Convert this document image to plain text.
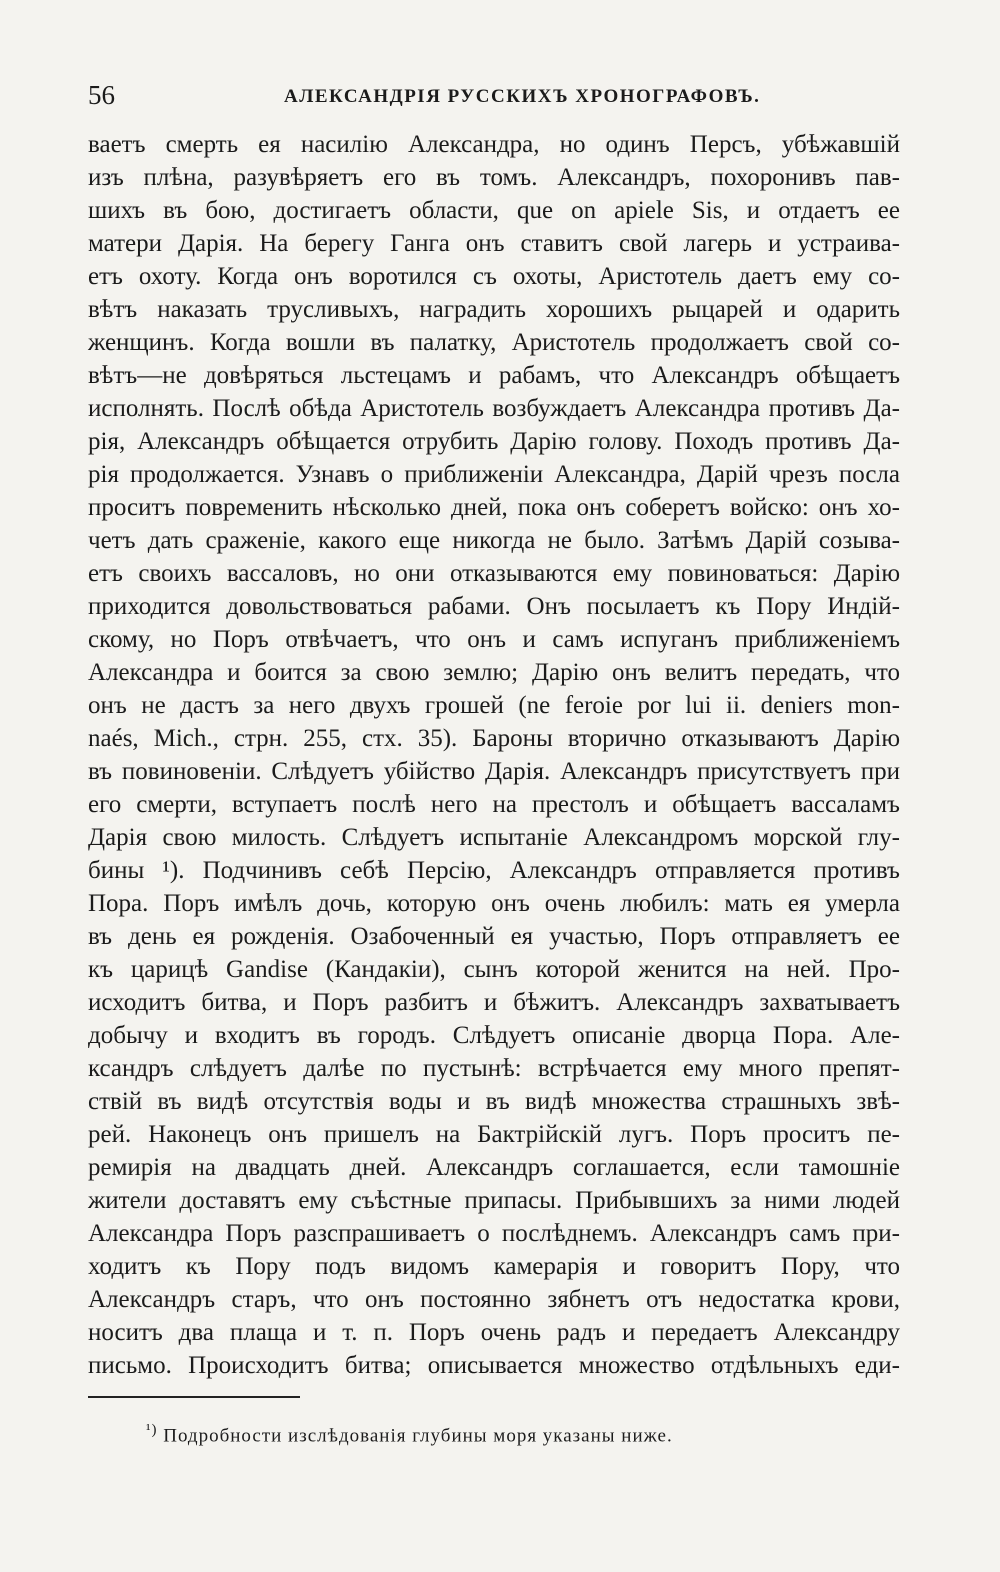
56	АЛЕКСАНДРІЯ РУССКИХЪ ХРОНОГРАФОВЪ.
ваетъ смерть ея насилію Александра, но одинъ Персъ, убѣжавшій
изъ плѣна, разувѣряетъ его въ томъ. Александръ, похоронивъ пав-
шихъ въ бою, достигаетъ области, que on apiele Sis, и отдаетъ ее
матери Дарія. На берегу Ганга онъ ставитъ свой лагерь и устраива-
етъ охоту. Когда онъ воротился съ охоты, Аристотель даетъ ему со-
вѣтъ наказать трусливыхъ, наградить хорошихъ рыцарей и одарить
женщинъ. Когда вошли въ палатку, Аристотель продолжаетъ свой со-
вѣтъ—не довѣряться льстецамъ и рабамъ, что Александръ обѣщаетъ
исполнять. Послѣ обѣда Аристотель возбуждаетъ Александра противъ Да-
рія, Александръ обѣщается отрубить Дарію голову. Походъ противъ Да-
рія продолжается. Узнавъ о приближеніи Александра, Дарій чрезъ посла
проситъ повременить нѣсколько дней, пока онъ соберетъ войско: онъ хо-
четъ дать сраженіе, какого еще никогда не было. Затѣмъ Дарій созыва-
етъ своихъ вассаловъ, но они отказываются ему повиноваться: Дарію
приходится довольствоваться рабами. Онъ посылаетъ къ Пору Индій-
скому, но Поръ отвѣчаетъ, что онъ и самъ испуганъ приближеніемъ
Александра и боится за свою землю; Дарію онъ велитъ передать, что
онъ не дастъ за него двухъ грошей (ne feroie por lui ii. deniers mon-
naés, Mich., стрн. 255, стх. 35). Бароны вторично отказываютъ Дарію
въ повиновеніи. Слѣдуетъ убійство Дарія. Александръ присутствуетъ при
его смерти, вступаетъ послѣ него на престолъ и обѣщаетъ вассаламъ
Дарія свою милость. Слѣдуетъ испытаніе Александромъ морской глу-
бины ¹). Подчинивъ себѣ Персію, Александръ отправляется противъ
Пора. Поръ имѣлъ дочь, которую онъ очень любилъ: мать ея умерла
въ день ея рожденія. Озабоченный ея участью, Поръ отправляетъ ее
къ царицѣ Gandise (Кандакіи), сынъ которой женится на ней. Про-
исходитъ битва, и Поръ разбитъ и бѣжитъ. Александръ захватываетъ
добычу и входитъ въ городъ. Слѣдуетъ описаніе дворца Пора. Але-
ксандръ слѣдуетъ далѣе по пустынѣ: встрѣчается ему много препят-
ствій въ видѣ отсутствія воды и въ видѣ множества страшныхъ звѣ-
рей. Наконецъ онъ пришелъ на Бактрійскій лугъ. Поръ проситъ пе-
ремирія на двадцать дней. Александръ соглашается, если тамошніе
жители доставятъ ему съѣстные припасы. Прибывшихъ за ними людей
Александра Поръ разспрашиваетъ о послѣднемъ. Александръ самъ при-
ходитъ къ Пору подъ видомъ камерарія и говоритъ Пору, что
Александръ старъ, что онъ постоянно зябнетъ отъ недостатка крови,
носитъ два плаща и т. п. Поръ очень радъ и передаетъ Александру
письмо. Происходитъ битва; описывается множество отдѣльныхъ еди-
$^{^1)}$ Подробности изслѣдованія глубины моря указаны ниже.
